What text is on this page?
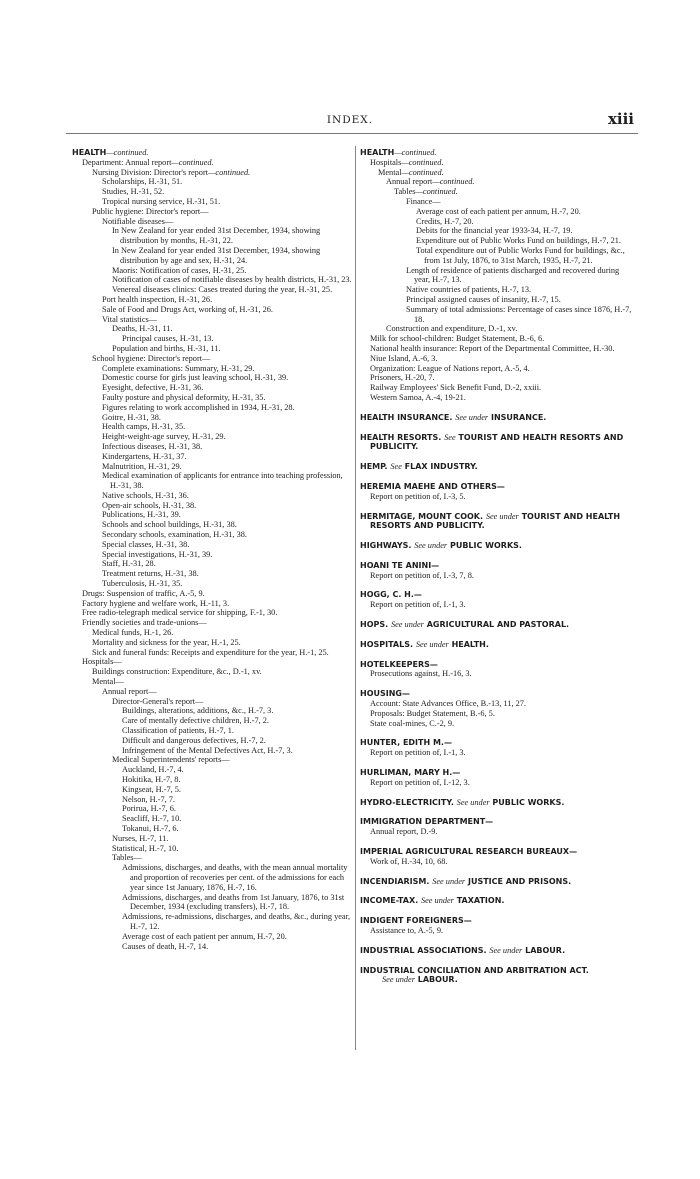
INDEX.	xiii
HEALTH—continued.
Department: Annual report—continued.
Nursing Division: Director's report—continued.
Scholarships, H.-31, 51.
Studies, H.-31, 52.
Tropical nursing service, H.-31, 51.
Public hygiene: Director's report—
Notifiable diseases—
In New Zealand for year ended 31st December, 1934, showing distribution by months, H.-31, 22.
In New Zealand for year ended 31st December, 1934, showing distribution by age and sex, H.-31, 24.
Maoris: Notification of cases, H.-31, 25.
Notification of cases of notifiable diseases by health districts, H.-31, 23.
Venereal diseases clinics: Cases treated during the year, H.-31, 25.
Port health inspection, H.-31, 26.
Sale of Food and Drugs Act, working of, H.-31, 26.
Vital statistics—
Deaths, H.-31, 11.
Principal causes, H.-31, 13.
Population and births, H.-31, 11.
School hygiene: Director's report—
Complete examinations: Summary, H.-31, 29.
Domestic course for girls just leaving school, H.-31, 39.
Eyesight, defective, H.-31, 36.
Faulty posture and physical deformity, H.-31, 35.
Figures relating to work accomplished in 1934, H.-31, 28.
Goitre, H.-31, 38.
Health camps, H.-31, 35.
Height-weight-age survey, H.-31, 29.
Infectious diseases, H.-31, 38.
Kindergartens, H.-31, 37.
Malnutrition, H.-31, 29.
Medical examination of applicants for entrance into teaching profession, H.-31, 38.
Native schools, H.-31, 36.
Open-air schools, H.-31, 38.
Publications, H.-31, 39.
Schools and school buildings, H.-31, 38.
Secondary schools, examination, H.-31, 38.
Special classes, H.-31, 38.
Special investigations, H.-31, 39.
Staff, H.-31, 28.
Treatment returns, H.-31, 38.
Tuberculosis, H.-31, 35.
Drugs: Suspension of traffic, A.-5, 9.
Factory hygiene and welfare work, H.-11, 3.
Free radio-telegraph medical service for shipping, F.-1, 30.
Friendly societies and trade-unions—
Medical funds, H.-1, 26.
Mortality and sickness for the year, H.-1, 25.
Sick and funeral funds: Receipts and expenditure for the year, H.-1, 25.
Hospitals—
Buildings construction: Expenditure, &c., D.-1, xv.
Mental—
Annual report—
Director-General's report—
Buildings, alterations, additions, &c., H.-7, 3.
Care of mentally defective children, H.-7, 2.
Classification of patients, H.-7, 1.
Difficult and dangerous defectives, H.-7, 2.
Infringement of the Mental Defectives Act, H.-7, 3.
Medical Superintendents' reports—
Auckland, H.-7, 4.
Hokitika, H.-7, 8.
Kingseat, H.-7, 5.
Nelson, H.-7, 7.
Porirua, H.-7, 6.
Seacliff, H.-7, 10.
Tokanui, H.-7, 6.
Nurses, H.-7, 11.
Statistical, H.-7, 10.
Tables—
Admissions, discharges, and deaths, with the mean annual mortality and proportion of recoveries per cent. of the admissions for each year since 1st January, 1876, H.-7, 16.
Admissions, discharges, and deaths from 1st January, 1876, to 31st December, 1934 (excluding transfers), H.-7, 18.
Admissions, re-admissions, discharges, and deaths, &c., during year, H.-7, 12.
Average cost of each patient per annum, H.-7, 20.
Causes of death, H.-7, 14.
HEALTH—continued.
Hospitals—continued.
Mental—continued.
Annual report—continued.
Tables—continued.
Finance—
Average cost of each patient per annum, H.-7, 20.
Credits, H.-7, 20.
Debits for the financial year 1933-34, H.-7, 19.
Expenditure out of Public Works Fund on buildings, H.-7, 21.
Total expenditure out of Public Works Fund for buildings, &c., from 1st July, 1876, to 31st March, 1935, H.-7, 21.
Length of residence of patients discharged and recovered during year, H.-7, 13.
Native countries of patients, H.-7, 13.
Principal assigned causes of insanity, H.-7, 15.
Summary of total admissions: Percentage of cases since 1876, H.-7, 18.
Construction and expenditure, D.-1, xv.
Milk for school-children: Budget Statement, B.-6, 6.
National health insurance: Report of the Departmental Committee, H.-30.
Niue Island, A.-6, 3.
Organization: League of Nations report, A.-5, 4.
Prisoners, H.-20, 7.
Railway Employees' Sick Benefit Fund, D.-2, xxiii.
Western Samoa, A.-4, 19-21.
HEALTH INSURANCE. See under INSURANCE.
HEALTH RESORTS. See TOURIST AND HEALTH RESORTS AND PUBLICITY.
HEMP. See FLAX INDUSTRY.
HEREMIA MAEHE AND OTHERS—
Report on petition of, I.-3, 5.
HERMITAGE, MOUNT COOK. See under TOURIST AND HEALTH RESORTS AND PUBLICITY.
HIGHWAYS. See under PUBLIC WORKS.
HOANI TE ANINI—
Report on petition of, I.-3, 7, 8.
HOGG, C. H.—
Report on petition of, I.-1, 3.
HOPS. See under AGRICULTURAL AND PASTORAL.
HOSPITALS. See under HEALTH.
HOTELKEEPERS—
Prosecutions against, H.-16, 3.
HOUSING—
Account: State Advances Office, B.-13, 11, 27.
Proposals: Budget Statement, B.-6, 5.
State coal-mines, C.-2, 9.
HUNTER, EDITH M.—
Report on petition of, I.-1, 3.
HURLIMAN, MARY H.—
Report on petition of, I.-12, 3.
HYDRO-ELECTRICITY. See under PUBLIC WORKS.
IMMIGRATION DEPARTMENT—
Annual report, D.-9.
IMPERIAL AGRICULTURAL RESEARCH BUREAUX—
Work of, H.-34, 10, 68.
INCENDIARISM. See under JUSTICE AND PRISONS.
INCOME-TAX. See under TAXATION.
INDIGENT FOREIGNERS—
Assistance to, A.-5, 9.
INDUSTRIAL ASSOCIATIONS. See under LABOUR.
INDUSTRIAL CONCILIATION AND ARBITRATION ACT.
See under LABOUR.
